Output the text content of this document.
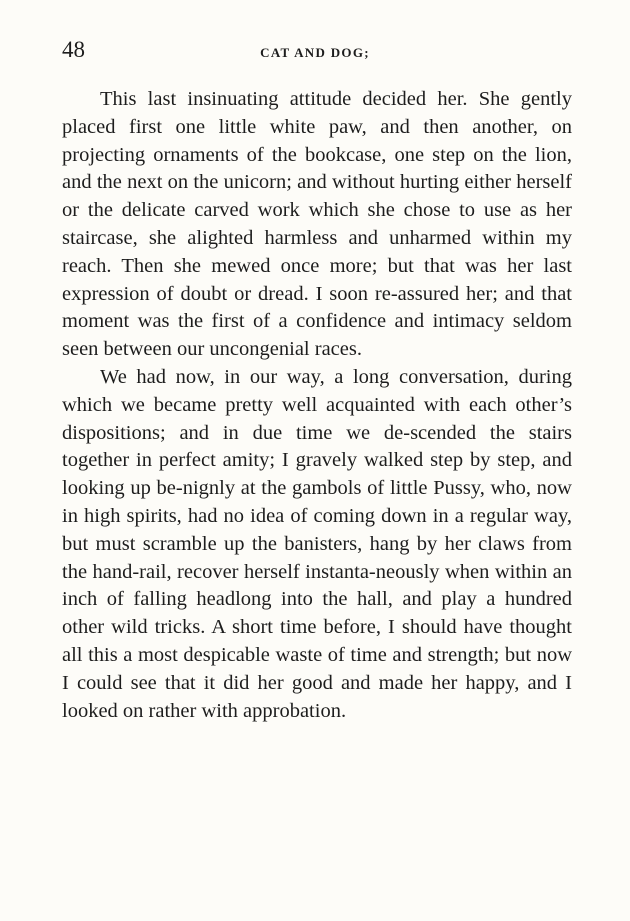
48	CAT AND DOG;

This last insinuating attitude decided her. She gently placed first one little white paw, and then another, on projecting ornaments of the bookcase, one step on the lion, and the next on the unicorn; and without hurting either herself or the delicate carved work which she chose to use as her staircase, she alighted harmless and unharmed within my reach. Then she mewed once more; but that was her last expression of doubt or dread. I soon re-assured her; and that moment was the first of a confidence and intimacy seldom seen between our uncongenial races.

We had now, in our way, a long conversation, during which we became pretty well acquainted with each other’s dispositions; and in due time we de-scended the stairs together in perfect amity; I gravely walked step by step, and looking up be-nignly at the gambols of little Pussy, who, now in high spirits, had no idea of coming down in a regular way, but must scramble up the banisters, hang by her claws from the hand-rail, recover herself instanta-neously when within an inch of falling headlong into the hall, and play a hundred other wild tricks. A short time before, I should have thought all this a most despicable waste of time and strength; but now I could see that it did her good and made her happy, and I looked on rather with approbation.
